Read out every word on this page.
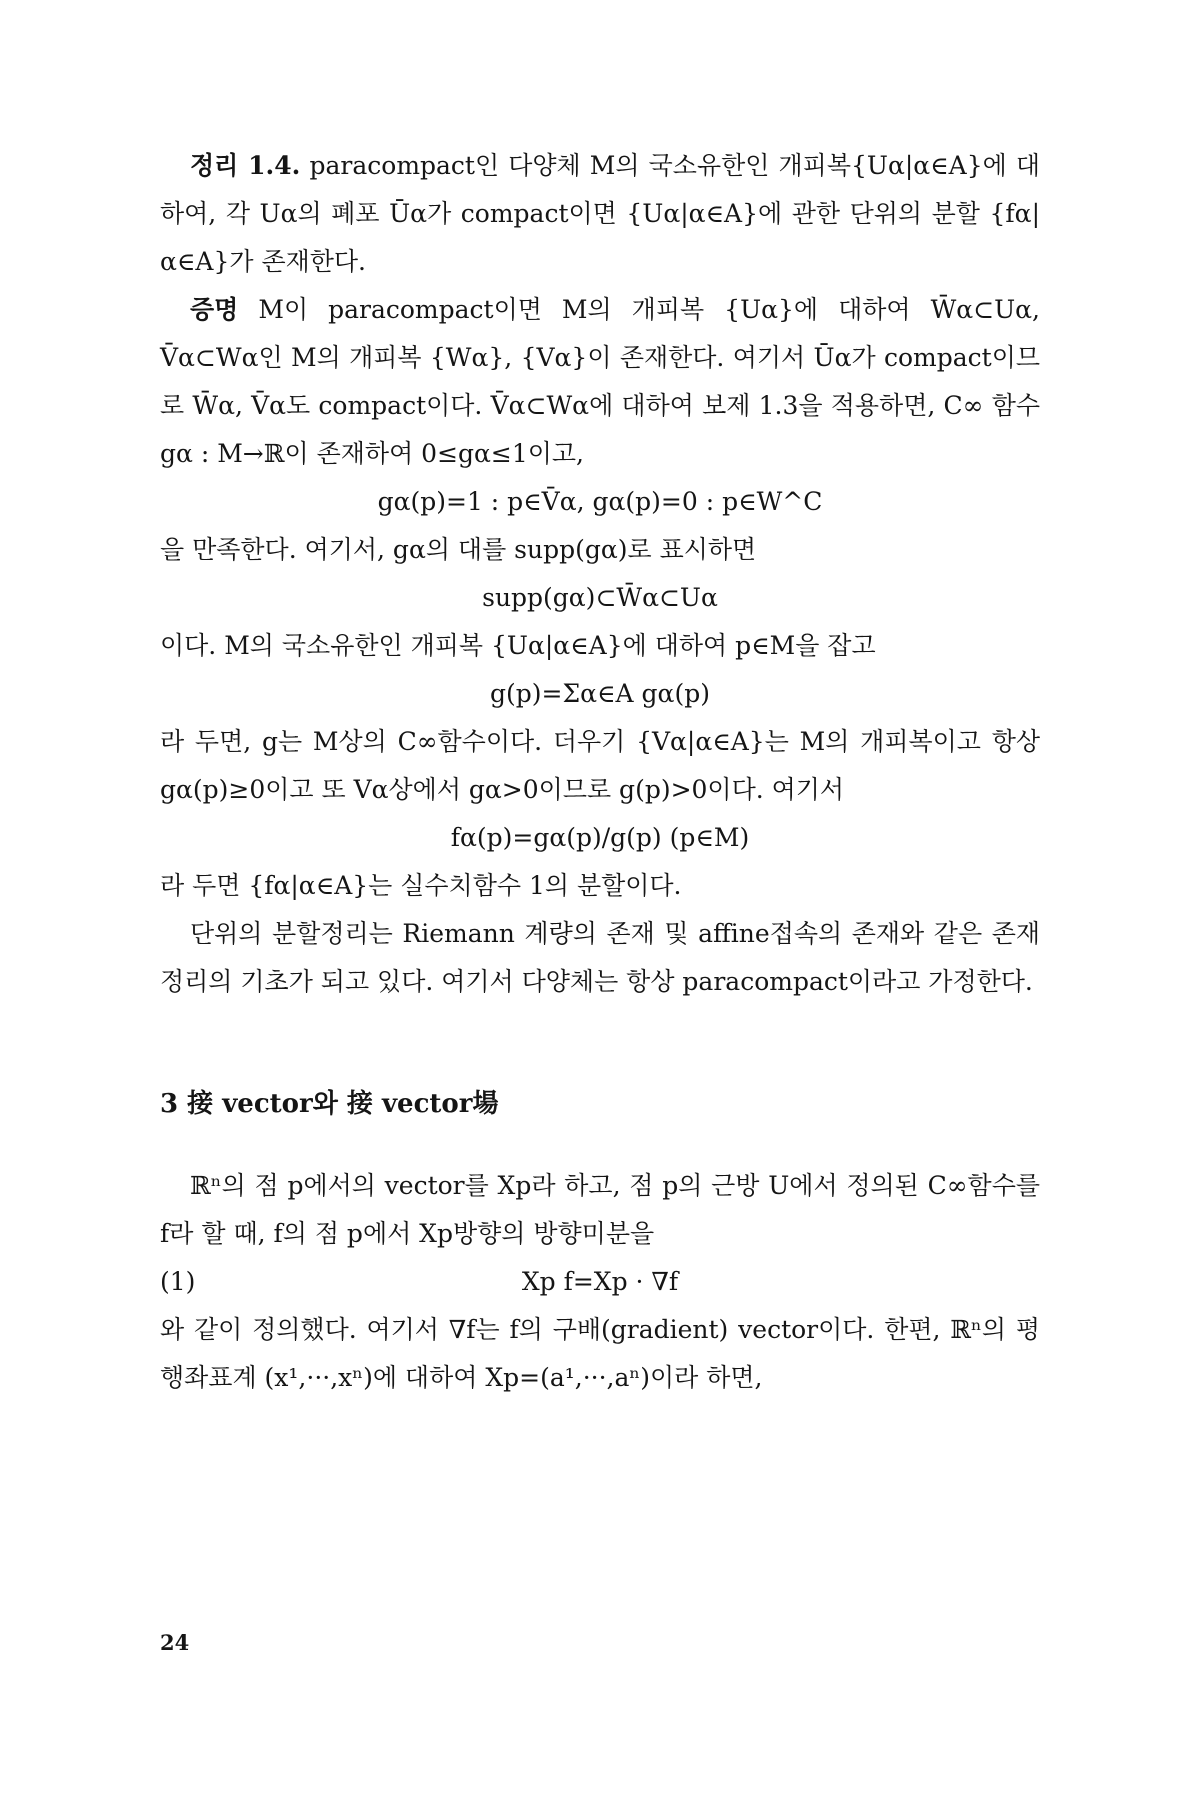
정리 1.4. paracompact인 다양체 M의 국소유한인 개피복{Uα|α∈A}에 대하여, 각 Uα의 폐포 Ūα가 compact이면 {Uα|α∈A}에 관한 단위의 분할 {fα|α∈A}가 존재한다.

증명 M이 paracompact이면 M의 개피복 {Uα}에 대하여 W̄α⊂Uα, V̄α⊂Wα인 M의 개피복 {Wα}, {Vα}이 존재한다. 여기서 Ūα가 compact이므로 W̄α, V̄α도 compact이다. V̄α⊂Wα에 대하여 보제 1.3을 적용하면, C∞ 함수 gα : M→ℝ이 존재하여 0≤gα≤1이고,

gα(p)=1 : p∈V̄α, gα(p)=0 : p∈W^C

을 만족한다. 여기서, gα의 대를 supp(gα)로 표시하면

supp(gα)⊂W̄α⊂Uα

이다. M의 국소유한인 개피복 {Uα|α∈A}에 대하여 p∈M을 잡고

g(p)=Σα∈A gα(p)

라 두면, g는 M상의 C∞함수이다. 더우기 {Vα|α∈A}는 M의 개피복이고 항상 gα(p)≥0이고 또 Vα상에서 gα>0이므로 g(p)>0이다. 여기서

fα(p)=gα(p)/g(p) (p∈M)

라 두면 {fα|α∈A}는 실수치함수 1의 분할이다.

단위의 분할정리는 Riemann 계량의 존재 및 affine접속의 존재와 같은 존재정리의 기초가 되고 있다. 여기서 다양체는 항상 paracompact이라고 가정한다.

3 接 vector와 接 vector場

ℝⁿ의 점 p에서의 vector를 Xp라 하고, 점 p의 근방 U에서 정의된 C∞함수를 f라 할 때, f의 점 p에서 Xp방향의 방향미분을

(1)	Xp f=Xp · ∇f

와 같이 정의했다. 여기서 ∇f는 f의 구배(gradient) vector이다. 한편, ℝⁿ의 평행좌표계 (x¹,···,xⁿ)에 대하여 Xp=(a¹,···,aⁿ)이라 하면,

24
